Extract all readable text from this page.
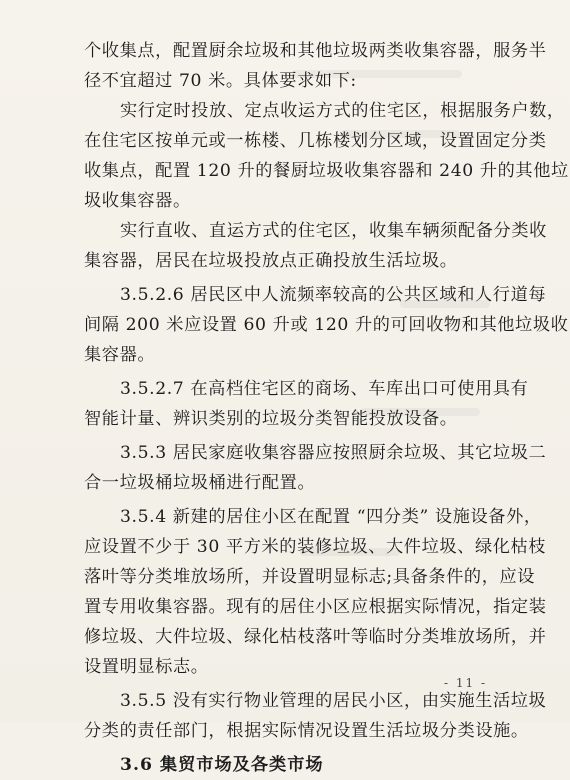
个收集点，配置厨余垃圾和其他垃圾两类收集容器，服务半
径不宜超过 70 米。具体要求如下:
实行定时投放、定点收运方式的住宅区，根据服务户数，
在住宅区按单元或一栋楼、几栋楼划分区域，设置固定分类
收集点，配置 120 升的餐厨垃圾收集容器和 240 升的其他垃
圾收集容器。
实行直收、直运方式的住宅区，收集车辆须配备分类收
集容器，居民在垃圾投放点正确投放生活垃圾。
3.5.2.6 居民区中人流频率较高的公共区域和人行道每
间隔 200 米应设置 60 升或 120 升的可回收物和其他垃圾收
集容器。
3.5.2.7 在高档住宅区的商场、车库出口可使用具有
智能计量、辨识类别的垃圾分类智能投放设备。
3.5.3 居民家庭收集容器应按照厨余垃圾、其它垃圾二
合一垃圾桶垃圾桶进行配置。
3.5.4 新建的居住小区在配置 “四分类” 设施设备外，
应设置不少于 30 平方米的装修垃圾、大件垃圾、绿化枯枝
落叶等分类堆放场所，并设置明显标志;具备条件的，应设
置专用收集容器。现有的居住小区应根据实际情况，指定装
修垃圾、大件垃圾、绿化枯枝落叶等临时分类堆放场所，并
设置明显标志。
3.5.5 没有实行物业管理的居民小区，由实施生活垃圾
分类的责任部门，根据实际情况设置生活垃圾分类设施。
3.6 集贸市场及各类市场
- 11 -
